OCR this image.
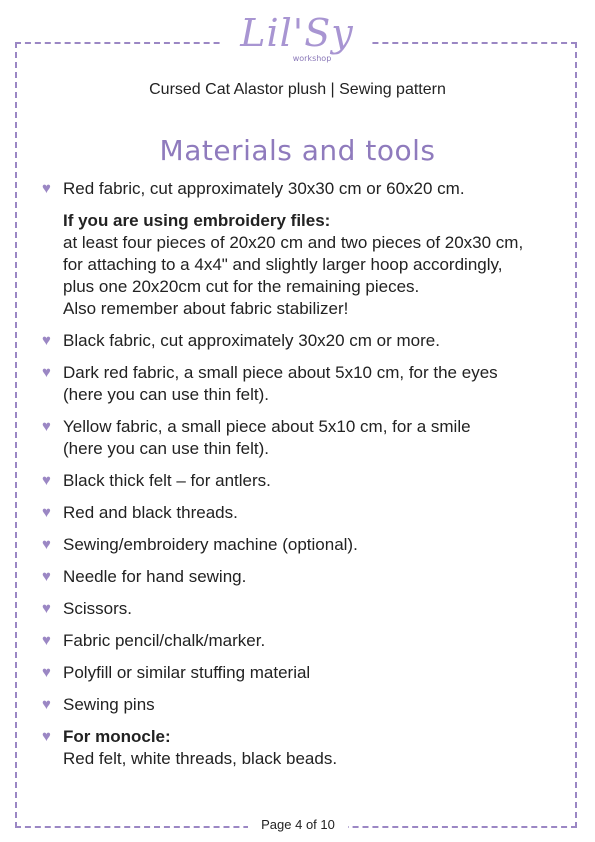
Lil'Sy
workshop
Cursed Cat Alastor plush | Sewing pattern
Materials and tools
♥ Red fabric, cut approximately 30x30 cm or 60x20 cm.
If you are using embroidery files:
at least four pieces of 20x20 cm and two pieces of 20x30 cm,
for attaching to a 4x4" and slightly larger hoop accordingly,
plus one 20x20cm cut for the remaining pieces.
Also remember about fabric stabilizer!
♥ Black fabric, cut approximately 30x20 cm or more.
♥ Dark red fabric, a small piece about 5x10 cm, for the eyes
(here you can use thin felt).
♥ Yellow fabric, a small piece about 5x10 cm, for a smile
(here you can use thin felt).
♥ Black thick felt – for antlers.
♥ Red and black threads.
♥ Sewing/embroidery machine (optional).
♥ Needle for hand sewing.
♥ Scissors.
♥ Fabric pencil/chalk/marker.
♥ Polyfill or similar stuffing material
♥ Sewing pins
♥ For monocle:
Red felt, white threads, black beads.
Page 4 of 10
